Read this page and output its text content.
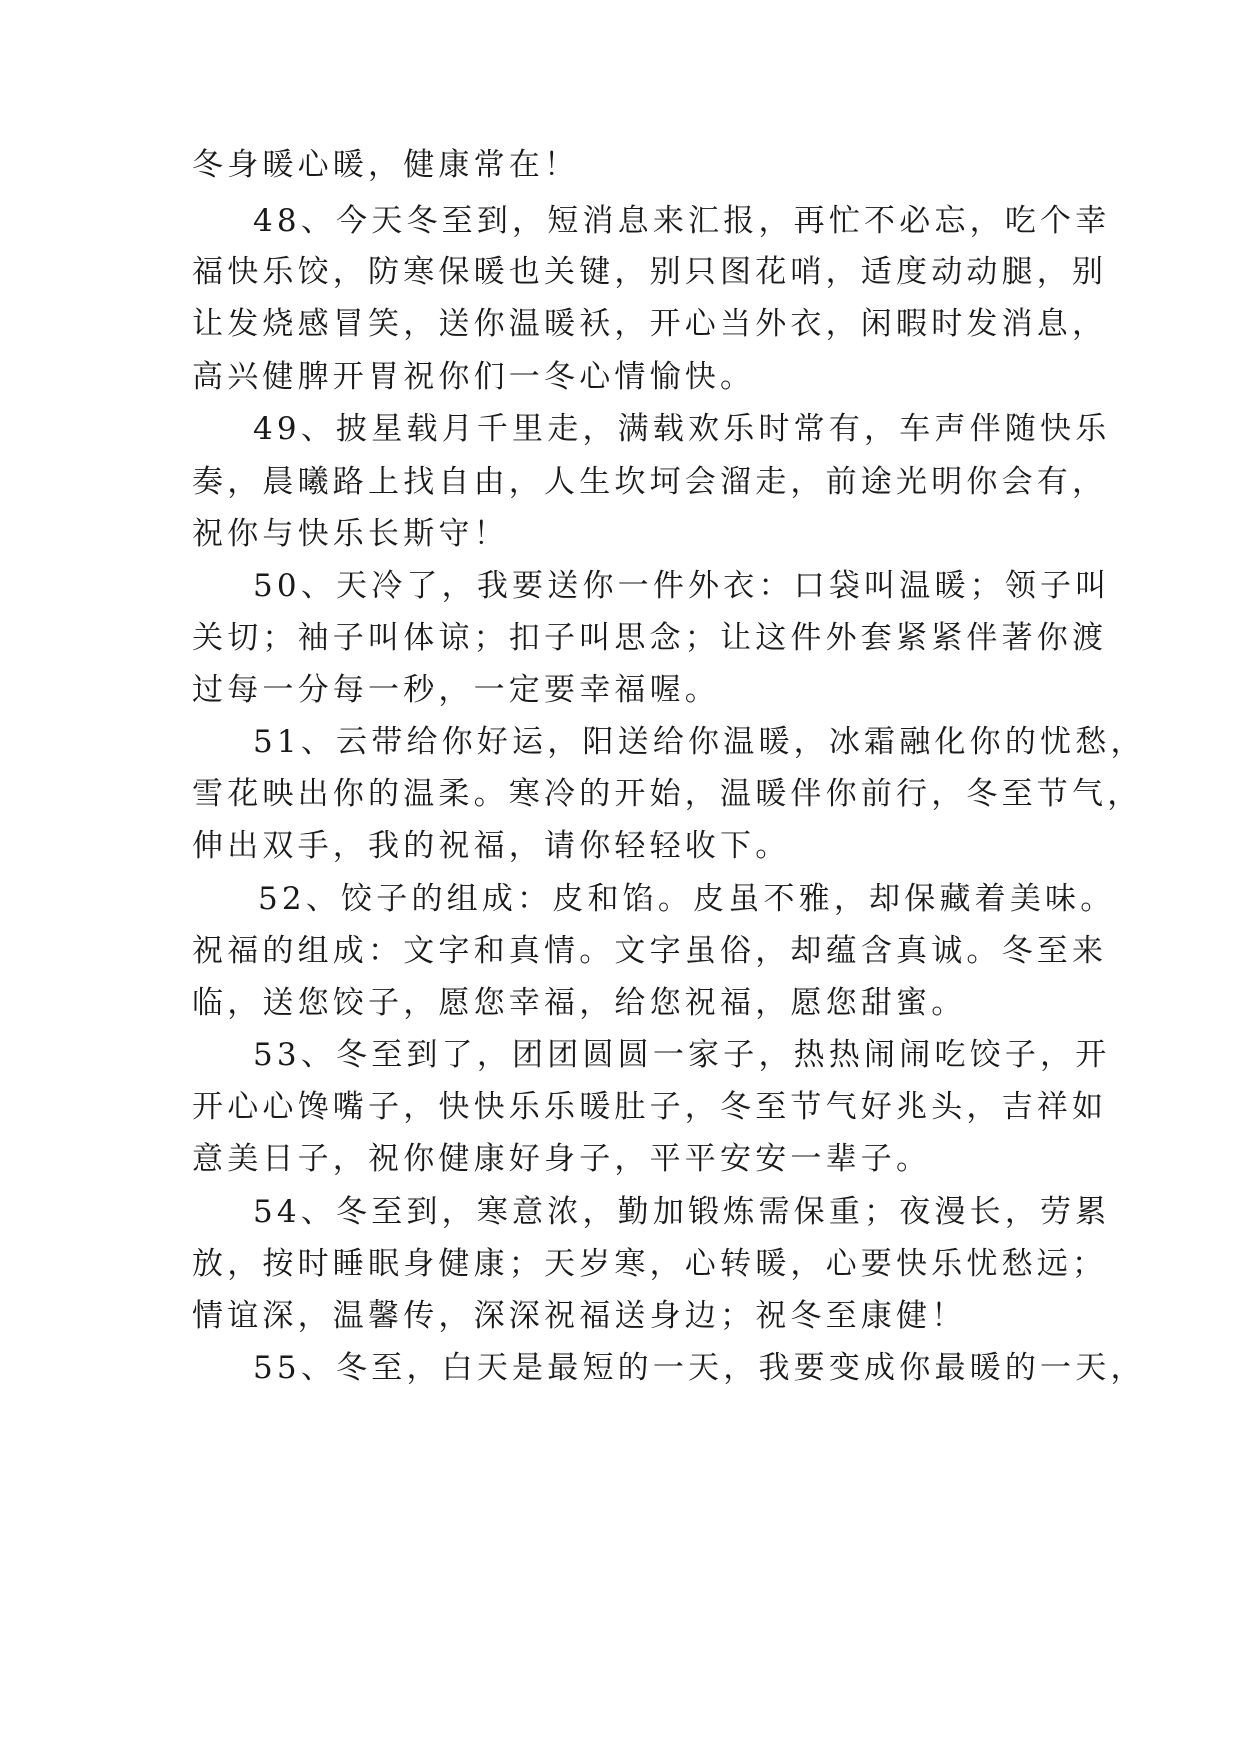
冬身暖心暖，健康常在！
48、今天冬至到，短消息来汇报，再忙不必忘，吃个幸
福快乐饺，防寒保暖也关键，别只图花哨，适度动动腿，别
让发烧感冒笑，送你温暖袄，开心当外衣，闲暇时发消息，
高兴健脾开胃祝你们一冬心情愉快。
49、披星载月千里走，满载欢乐时常有，车声伴随快乐
奏，晨曦路上找自由，人生坎坷会溜走，前途光明你会有，
祝你与快乐长斯守！
50、天冷了，我要送你一件外衣：口袋叫温暖；领子叫
关切；袖子叫体谅；扣子叫思念；让这件外套紧紧伴著你渡
过每一分每一秒，一定要幸福喔。
51、云带给你好运，阳送给你温暖，冰霜融化你的忧愁，
雪花映出你的温柔。寒冷的开始，温暖伴你前行，冬至节气，
伸出双手，我的祝福，请你轻轻收下。
52、饺子的组成：皮和馅。皮虽不雅，却保藏着美味。
祝福的组成：文字和真情。文字虽俗，却蕴含真诚。冬至来
临，送您饺子，愿您幸福，给您祝福，愿您甜蜜。
53、冬至到了，团团圆圆一家子，热热闹闹吃饺子，开
开心心馋嘴子，快快乐乐暖肚子，冬至节气好兆头，吉祥如
意美日子，祝你健康好身子，平平安安一辈子。
54、冬至到，寒意浓，勤加锻炼需保重；夜漫长，劳累
放，按时睡眠身健康；天岁寒，心转暖，心要快乐忧愁远；
情谊深，温馨传，深深祝福送身边；祝冬至康健！
55、冬至，白天是最短的一天，我要变成你最暖的一天，
